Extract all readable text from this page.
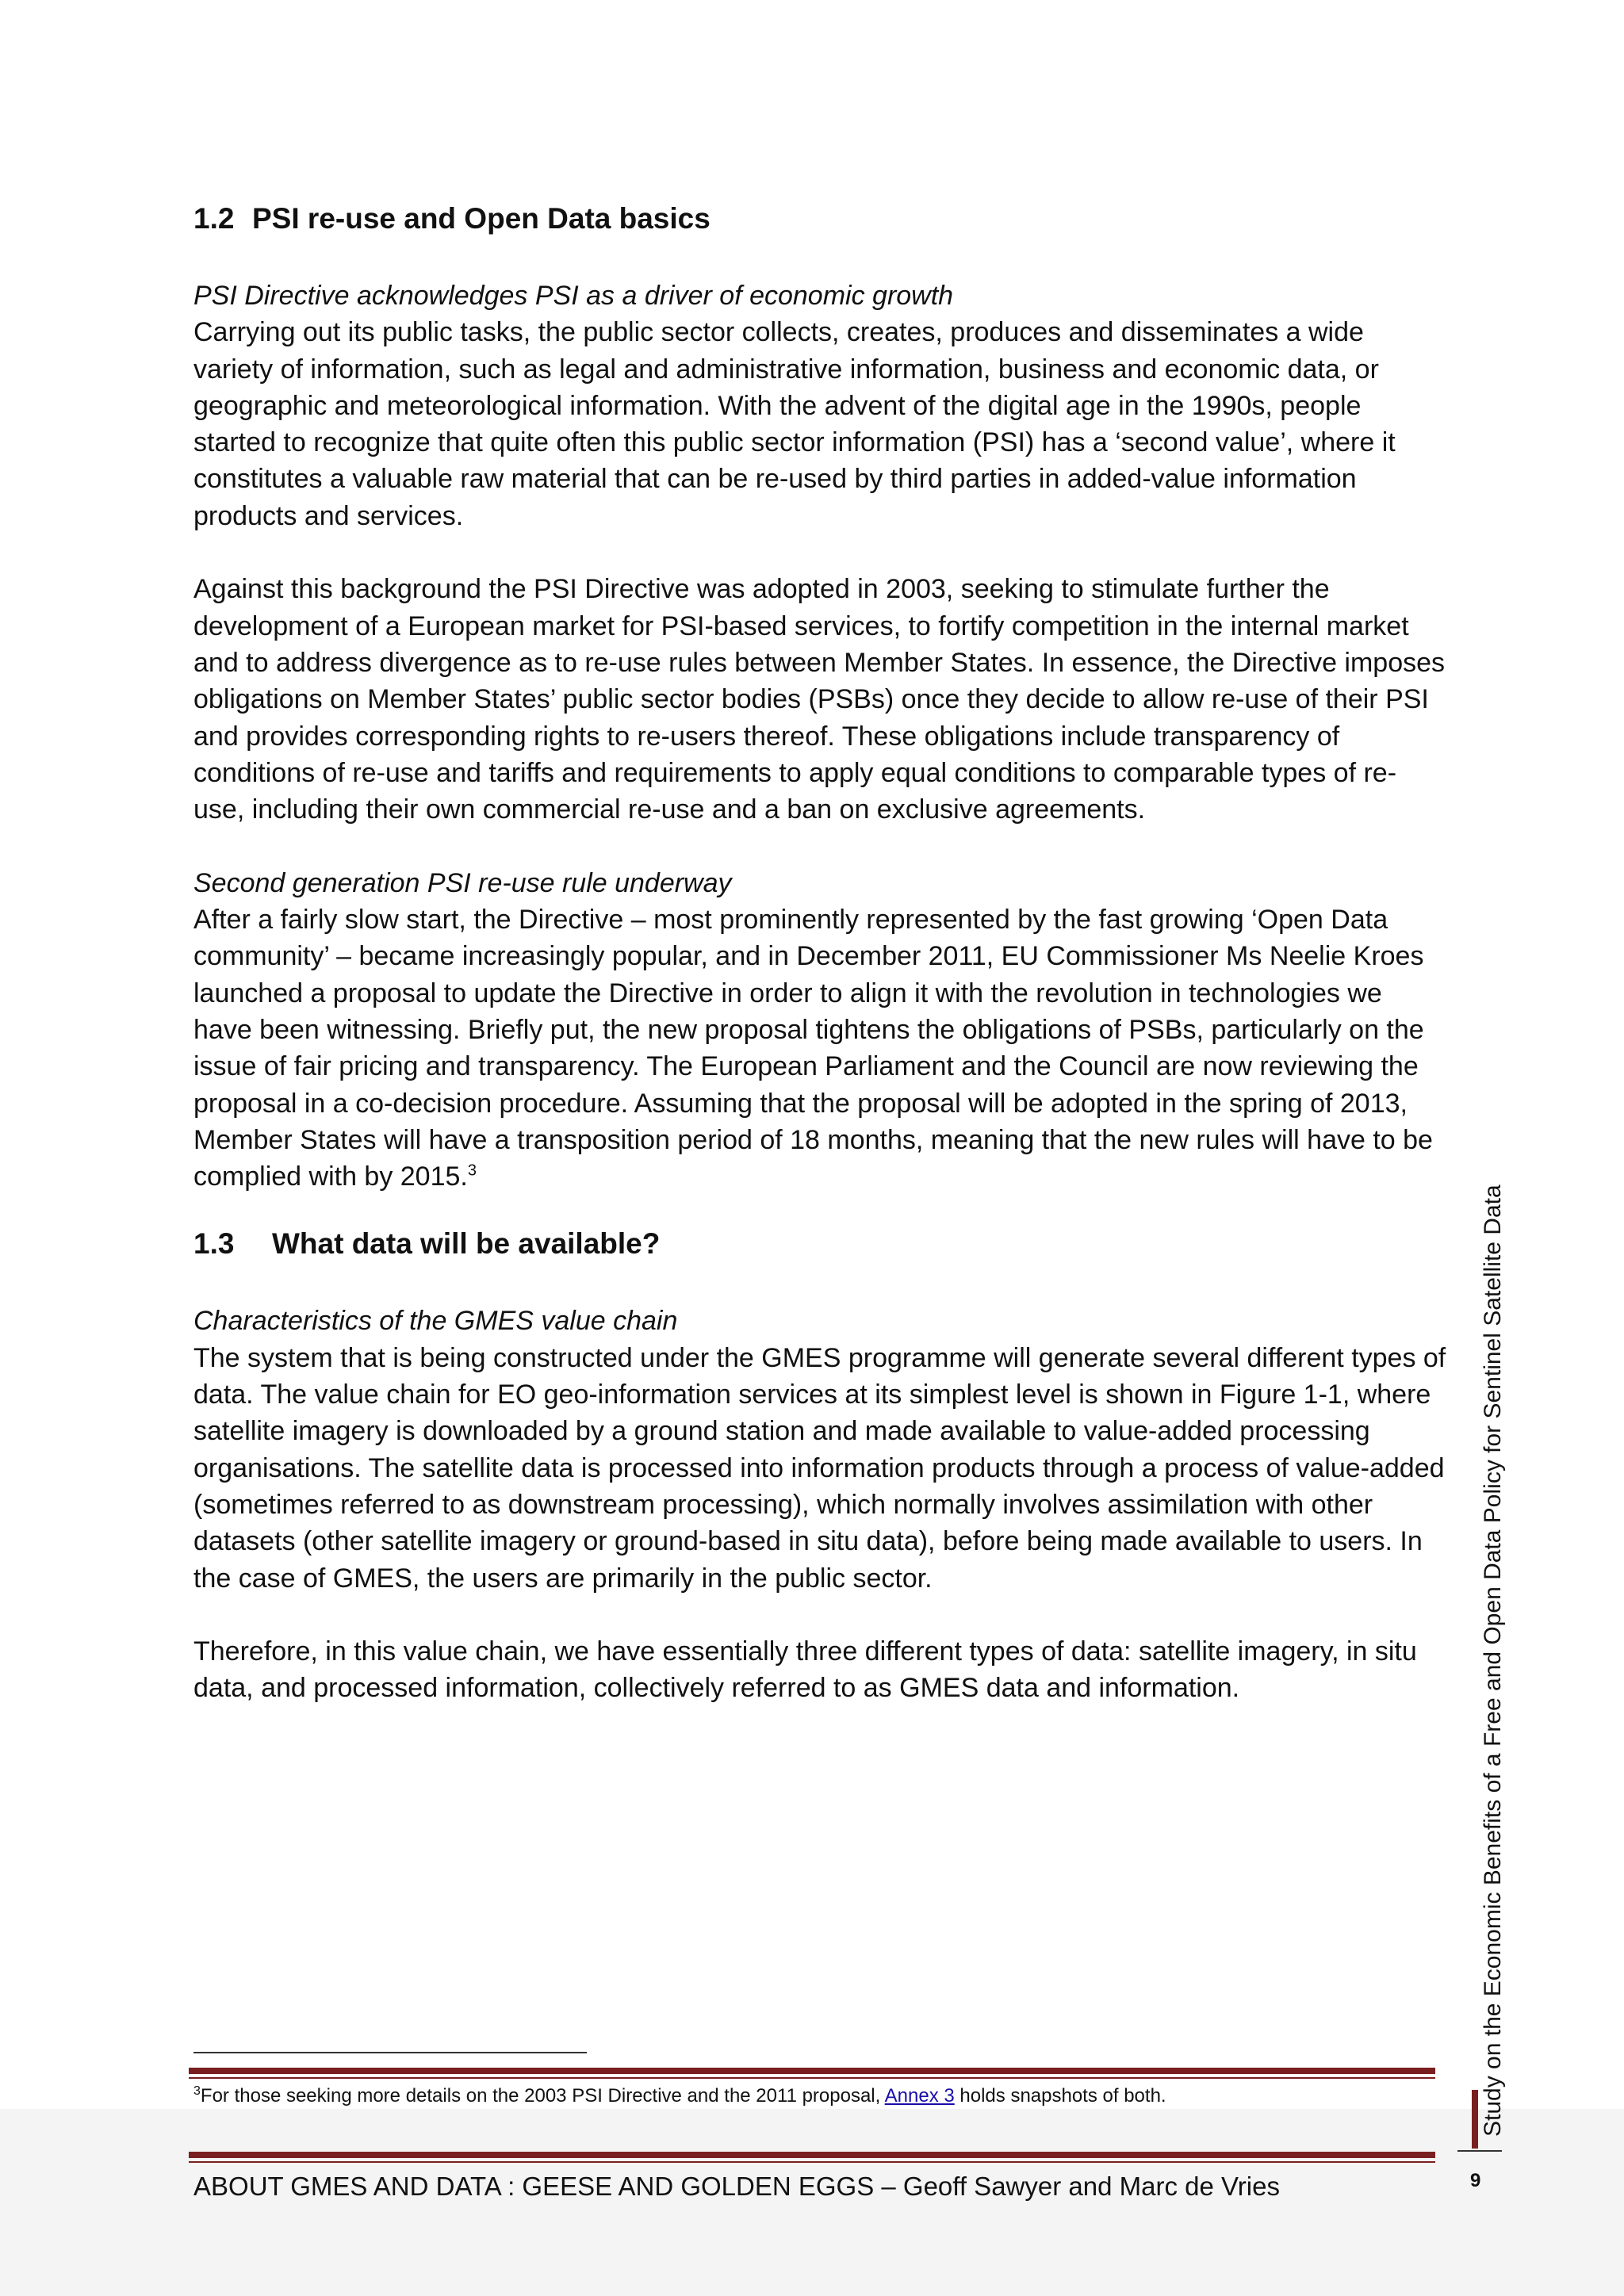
1.2 PSI re-use and Open Data basics

PSI Directive acknowledges PSI as a driver of economic growth

Carrying out its public tasks, the public sector collects, creates, produces and disseminates a wide variety of information, such as legal and administrative information, business and economic data, or geographic and meteorological information. With the advent of the digital age in the 1990s, people started to recognize that quite often this public sector information (PSI) has a ‘second value’, where it constitutes a valuable raw material that can be re-used by third parties in added-value information products and services.

Against this background the PSI Directive was adopted in 2003, seeking to stimulate further the development of a European market for PSI-based services, to fortify competition in the internal market and to address divergence as to re-use rules between Member States. In essence, the Directive imposes obligations on Member States’ public sector bodies (PSBs) once they decide to allow re-use of their PSI and provides corresponding rights to re-users thereof. These obligations include transparency of conditions of re-use and tariffs and requirements to apply equal conditions to comparable types of re-use, including their own commercial re-use and a ban on exclusive agreements.

Second generation PSI re-use rule underway

After a fairly slow start, the Directive – most prominently represented by the fast growing ‘Open Data community’ – became increasingly popular, and in December 2011, EU Commissioner Ms Neelie Kroes launched a proposal to update the Directive in order to align it with the revolution in technologies we have been witnessing. Briefly put, the new proposal tightens the obligations of PSBs, particularly on the issue of fair pricing and transparency. The European Parliament and the Council are now reviewing the proposal in a co-decision procedure. Assuming that the proposal will be adopted in the spring of 2013, Member States will have a transposition period of 18 months, meaning that the new rules will have to be complied with by 2015.$^3$

1.3 What data will be available?

Characteristics of the GMES value chain

The system that is being constructed under the GMES programme will generate several different types of data. The value chain for EO geo-information services at its simplest level is shown in Figure 1-1, where satellite imagery is downloaded by a ground station and made available to value-added processing organisations. The satellite data is processed into information products through a process of value-added (sometimes referred to as downstream processing), which normally involves assimilation with other datasets (other satellite imagery or ground-based in situ data), before being made available to users. In the case of GMES, the users are primarily in the public sector.

Therefore, in this value chain, we have essentially three different types of data: satellite imagery, in situ data, and processed information, collectively referred to as GMES data and information.

$^3$For those seeking more details on the 2003 PSI Directive and the 2011 proposal, Annex 3 holds snapshots of both.
ABOUT GMES AND DATA : GEESE AND GOLDEN EGGS – Geoff Sawyer and Marc de Vries
Study on the Economic Benefits of a Free and Open Data Policy for Sentinel Satellite Data
9
